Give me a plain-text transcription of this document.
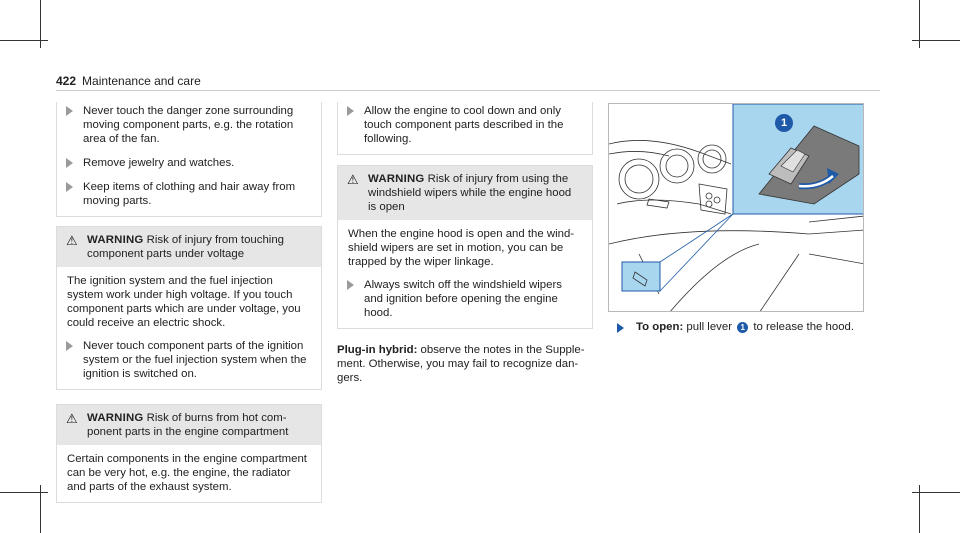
422 Maintenance and care
Never touch the danger zone surrounding moving component parts, e.g. the rotation area of the fan.
Remove jewelry and watches.
Keep items of clothing and hair away from moving parts.
⚠ WARNING Risk of injury from touching component parts under voltage
The ignition system and the fuel injection system work under high voltage. If you touch component parts which are under voltage, you could receive an electric shock.
Never touch component parts of the ignition system or the fuel injection system when the ignition is switched on.
⚠ WARNING Risk of burns from hot component parts in the engine compartment
Certain components in the engine compartment can be very hot, e.g. the engine, the radiator and parts of the exhaust system.
Allow the engine to cool down and only touch component parts described in the following.
⚠ WARNING Risk of injury from using the windshield wipers while the engine hood is open
When the engine hood is open and the windshield wipers are set in motion, you can be trapped by the wiper linkage.
Always switch off the windshield wipers and ignition before opening the engine hood.
Plug-in hybrid: observe the notes in the Supplement. Otherwise, you may fail to recognize dangers.
1
To open: pull lever 1 to release the hood.
